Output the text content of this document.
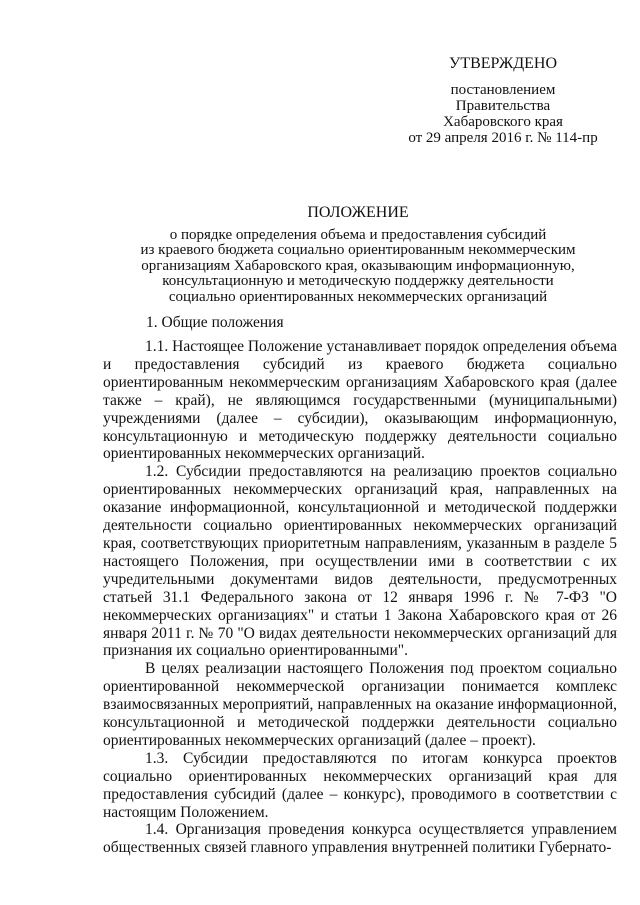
УТВЕРЖДЕНО
постановлением
Правительства
Хабаровского края
от 29 апреля 2016 г. № 114-пр
ПОЛОЖЕНИЕ
о порядке определения объема и предоставления субсидий
из краевого бюджета социально ориентированным некоммерческим
организациям Хабаровского края, оказывающим информационную,
консультационную и методическую поддержку деятельности
социально ориентированных некоммерческих организаций
1. Общие положения

1.1. Настоящее Положение устанавливает порядок определения объема и предоставления субсидий из краевого бюджета социально ориентированным некоммерческим организациям Хабаровского края (далее также – край), не являющимся государственными (муниципальными) учреждениями (далее – субсидии), оказывающим информационную, консультационную и методическую поддержку деятельности социально ориентированных некоммерческих организаций.

1.2. Субсидии предоставляются на реализацию проектов социально ориентированных некоммерческих организаций края, направленных на оказание информационной, консультационной и методической поддержки деятельности социально ориентированных некоммерческих организаций края, соответствующих приоритетным направлениям, указанным в разделе 5 настоящего Положения, при осуществлении ими в соответствии с их учредительными документами видов деятельности, предусмотренных статьей 31.1 Федерального закона от 12 января 1996 г. № 7-ФЗ "О некоммерческих организациях" и статьи 1 Закона Хабаровского края от 26 января 2011 г. № 70 "О видах деятельности некоммерческих организаций для признания их социально ориентированными".

В целях реализации настоящего Положения под проектом социально ориентированной некоммерческой организации понимается комплекс взаимосвязанных мероприятий, направленных на оказание информационной, консультационной и методической поддержки деятельности социально ориентированных некоммерческих организаций (далее – проект).

1.3. Субсидии предоставляются по итогам конкурса проектов социально ориентированных некоммерческих организаций края для предоставления субсидий (далее – конкурс), проводимого в соответствии с настоящим Положением.

1.4. Организация проведения конкурса осуществляется управлением общественных связей главного управления внутренней политики Губернато-
